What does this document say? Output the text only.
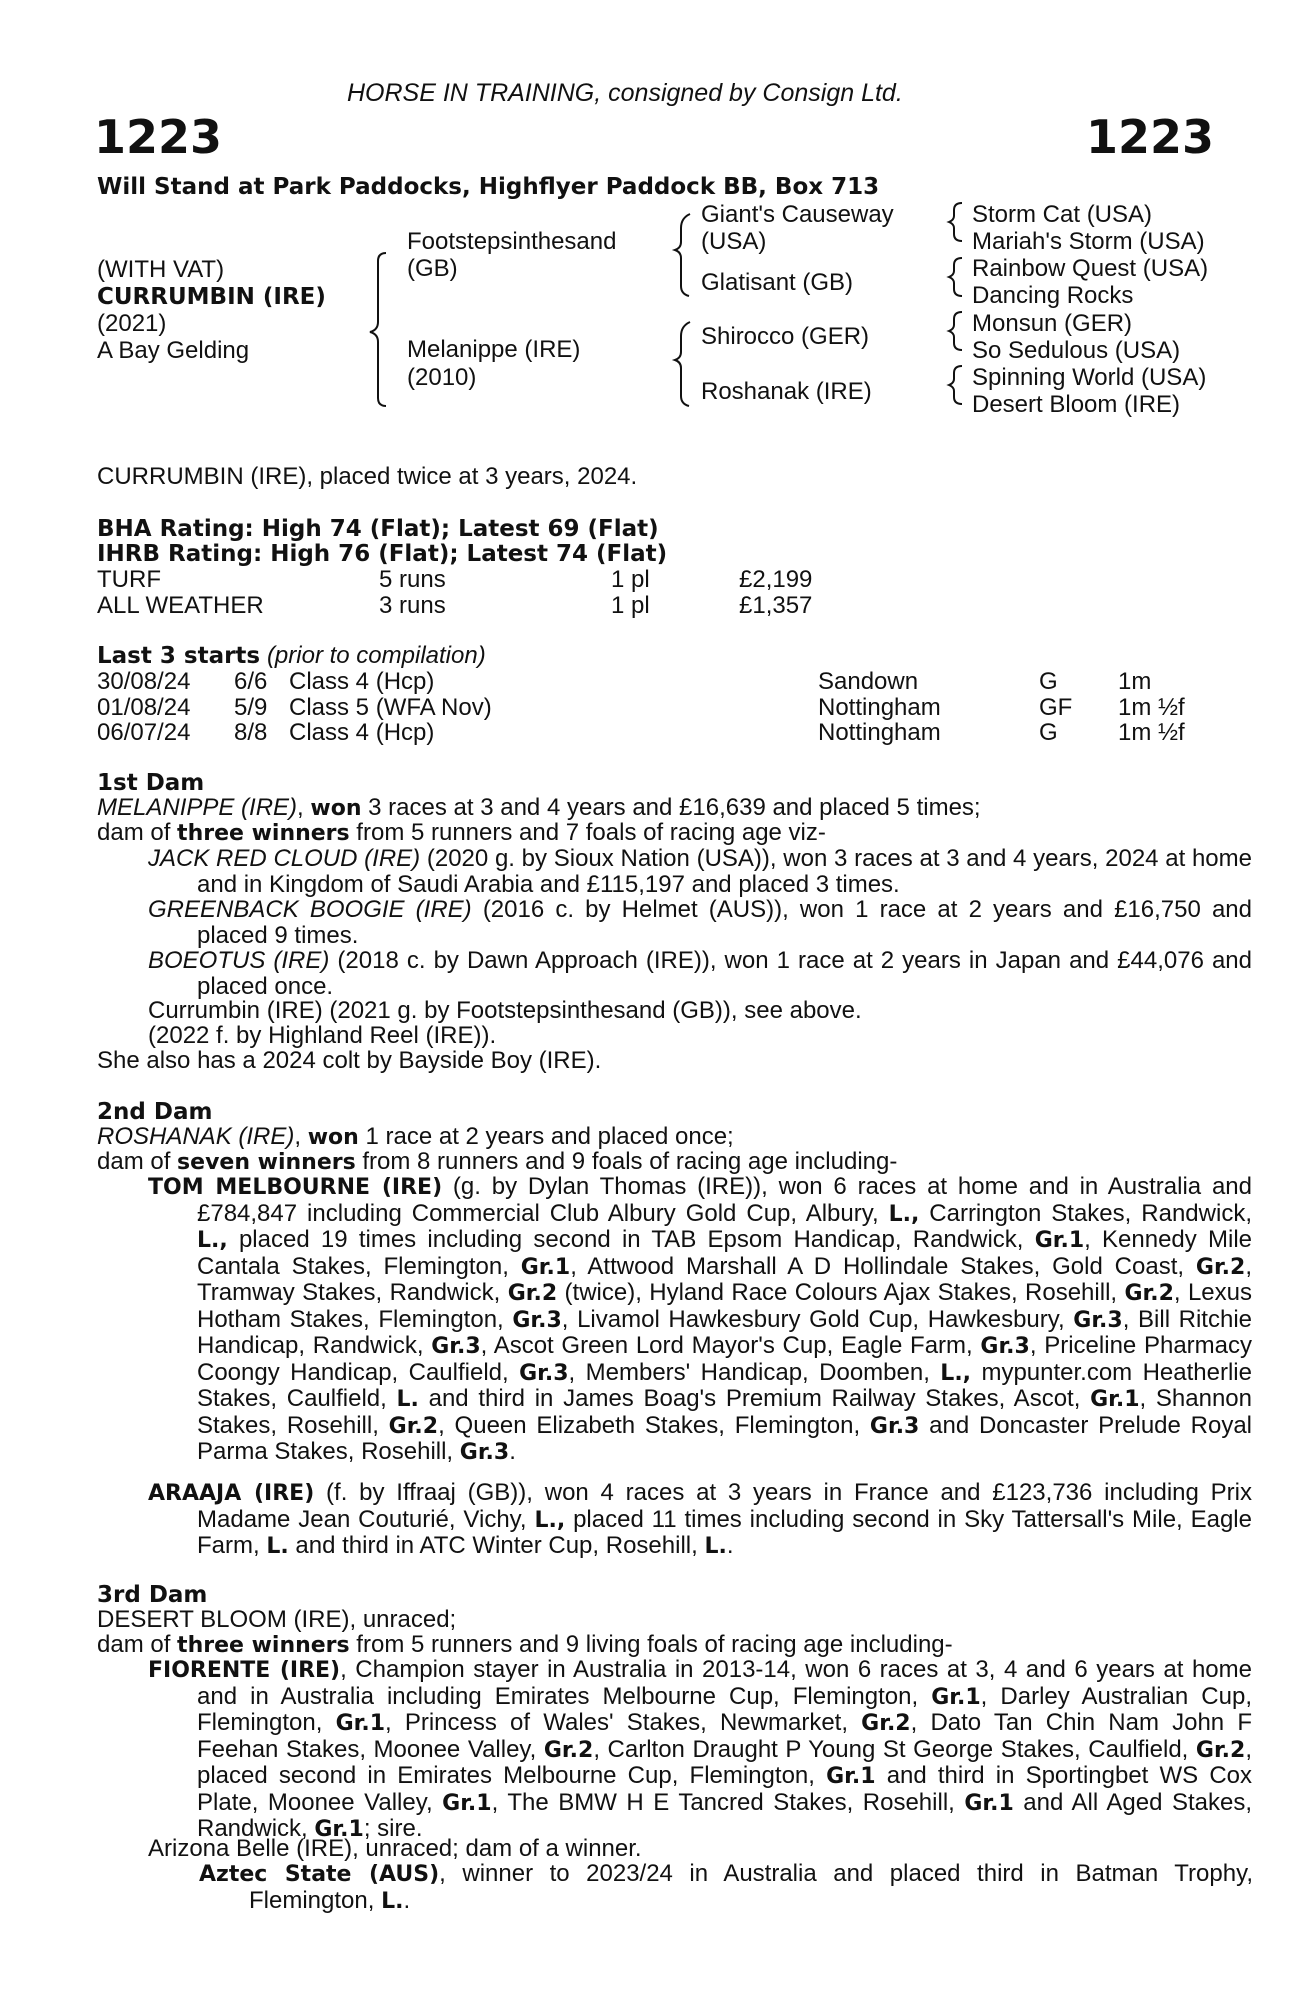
HORSE IN TRAINING, consigned by Consign Ltd.
1223	1223
Will Stand at Park Paddocks, Highflyer Paddock BB, Box 713
(WITH VAT)
CURRUMBIN (IRE)
(2021)
A Bay Gelding
Footstepsinthesand
(GB)
Melanippe (IRE)
(2010)
Giant's Causeway
(USA)
Glatisant (GB)
Shirocco (GER)
Roshanak (IRE)
Storm Cat (USA)
Mariah's Storm (USA)
Rainbow Quest (USA)
Dancing Rocks
Monsun (GER)
So Sedulous (USA)
Spinning World (USA)
Desert Bloom (IRE)
CURRUMBIN (IRE), placed twice at 3 years, 2024.
BHA Rating: High 74 (Flat); Latest 69 (Flat)
IHRB Rating: High 76 (Flat); Latest 74 (Flat)
TURF	5 runs	1 pl	£2,199
ALL WEATHER	3 runs	1 pl	£1,357
Last 3 starts (prior to compilation)
30/08/24 6/6 Class 4 (Hcp)	Sandown	G	1m
01/08/24 5/9 Class 5 (WFA Nov)	Nottingham	GF 1m ½f
06/07/24 8/8 Class 4 (Hcp)	Nottingham	G	1m ½f
1st Dam
MELANIPPE (IRE), won 3 races at 3 and 4 years and £16,639 and placed 5 times;
dam of three winners from 5 runners and 7 foals of racing age viz-
JACK RED CLOUD (IRE) (2020 g. by Sioux Nation (USA)), won 3 races at 3 and 4 years, 2024 at home and in Kingdom of Saudi Arabia and £115,197 and placed 3 times.
GREENBACK BOOGIE (IRE) (2016 c. by Helmet (AUS)), won 1 race at 2 years and £16,750 and placed 9 times.
BOEOTUS (IRE) (2018 c. by Dawn Approach (IRE)), won 1 race at 2 years in Japan and £44,076 and placed once.
Currumbin (IRE) (2021 g. by Footstepsinthesand (GB)), see above.
(2022 f. by Highland Reel (IRE)).
She also has a 2024 colt by Bayside Boy (IRE).
2nd Dam
ROSHANAK (IRE), won 1 race at 2 years and placed once;
dam of seven winners from 8 runners and 9 foals of racing age including-
TOM MELBOURNE (IRE) (g. by Dylan Thomas (IRE)), won 6 races at home and in Australia and £784,847 including Commercial Club Albury Gold Cup, Albury, L., Carrington Stakes, Randwick, L., placed 19 times including second in TAB Epsom Handicap, Randwick, Gr.1, Kennedy Mile Cantala Stakes, Flemington, Gr.1, Attwood Marshall A D Hollindale Stakes, Gold Coast, Gr.2, Tramway Stakes, Randwick, Gr.2 (twice), Hyland Race Colours Ajax Stakes, Rosehill, Gr.2, Lexus Hotham Stakes, Flemington, Gr.3, Livamol Hawkesbury Gold Cup, Hawkesbury, Gr.3, Bill Ritchie Handicap, Randwick, Gr.3, Ascot Green Lord Mayor's Cup, Eagle Farm, Gr.3, Priceline Pharmacy Coongy Handicap, Caulfield, Gr.3, Members' Handicap, Doomben, L., mypunter.com Heatherlie Stakes, Caulfield, L. and third in James Boag's Premium Railway Stakes, Ascot, Gr.1, Shannon Stakes, Rosehill, Gr.2, Queen Elizabeth Stakes, Flemington, Gr.3 and Doncaster Prelude Royal Parma Stakes, Rosehill, Gr.3.
ARAAJA (IRE) (f. by Iffraaj (GB)), won 4 races at 3 years in France and £123,736 including Prix Madame Jean Couturié, Vichy, L., placed 11 times including second in Sky Tattersall's Mile, Eagle Farm, L. and third in ATC Winter Cup, Rosehill, L..
3rd Dam
DESERT BLOOM (IRE), unraced;
dam of three winners from 5 runners and 9 living foals of racing age including-
FIORENTE (IRE), Champion stayer in Australia in 2013-14, won 6 races at 3, 4 and 6 years at home and in Australia including Emirates Melbourne Cup, Flemington, Gr.1, Darley Australian Cup, Flemington, Gr.1, Princess of Wales' Stakes, Newmarket, Gr.2, Dato Tan Chin Nam John F Feehan Stakes, Moonee Valley, Gr.2, Carlton Draught P Young St George Stakes, Caulfield, Gr.2, placed second in Emirates Melbourne Cup, Flemington, Gr.1 and third in Sportingbet WS Cox Plate, Moonee Valley, Gr.1, The BMW H E Tancred Stakes, Rosehill, Gr.1 and All Aged Stakes, Randwick, Gr.1; sire.
Arizona Belle (IRE), unraced; dam of a winner.
Aztec State (AUS), winner to 2023/24 in Australia and placed third in Batman Trophy, Flemington, L..
